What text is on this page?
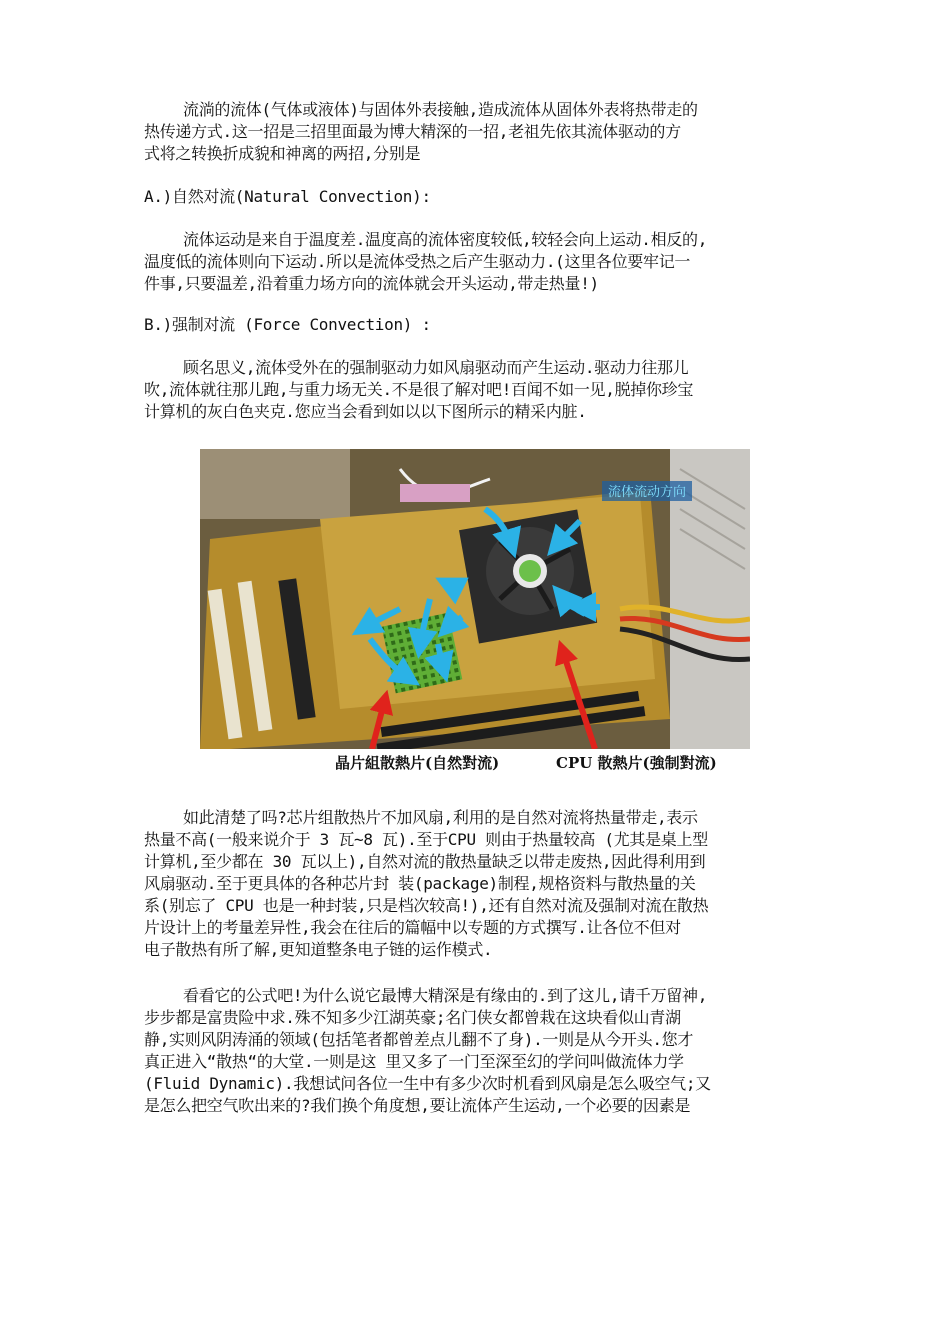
流淌的流体(气体或液体)与固体外表接触,造成流体从固体外表将热带走的
热传递方式.这一招是三招里面最为博大精深的一招,老祖先依其流体驱动的方
式将之转换折成貌和神离的两招,分别是
A.)自然对流(Natural Convection):
流体运动是来自于温度差.温度高的流体密度较低,较轻会向上运动.相反的,
温度低的流体则向下运动.所以是流体受热之后产生驱动力.(这里各位要牢记一
件事,只要温差,沿着重力场方向的流体就会开头运动,带走热量!)
B.)强制对流 (Force Convection) :
顾名思义,流体受外在的强制驱动力如风扇驱动而产生运动.驱动力往那儿
吹,流体就往那儿跑,与重力场无关.不是很了解对吧!百闻不如一见,脱掉你珍宝
计算机的灰白色夹克.您应当会看到如以以下图所示的精采内脏.
流体流动方向
晶片組散熱片(自然對流)	CPU 散熱片(強制對流)
如此清楚了吗?芯片组散热片不加风扇,利用的是自然对流将热量带走,表示
热量不高(一般来说介于 3 瓦~8 瓦).至于CPU 则由于热量较高 (尤其是桌上型
计算机,至少都在 30 瓦以上),自然对流的散热量缺乏以带走废热,因此得利用到
风扇驱动.至于更具体的各种芯片封 装(package)制程,规格资料与散热量的关
系(别忘了 CPU 也是一种封装,只是档次较高!),还有自然对流及强制对流在散热
片设计上的考量差异性,我会在往后的篇幅中以专题的方式撰写.让各位不但对
电子散热有所了解,更知道整条电子链的运作模式.
看看它的公式吧!为什么说它最博大精深是有缘由的.到了这儿,请千万留神,
步步都是富贵险中求.殊不知多少江湖英豪;名门侠女都曾栽在这块看似山青湖
静,实则风阴涛涌的领域(包括笔者都曾差点儿翻不了身).一则是从今开头.您才
真正进入“散热“的大堂.一则是这 里又多了一门至深至幻的学问叫做流体力学
(Fluid Dynamic).我想试问各位一生中有多少次时机看到风扇是怎么吸空气;又
是怎么把空气吹出来的?我们换个角度想,要让流体产生运动,一个必要的因素是
